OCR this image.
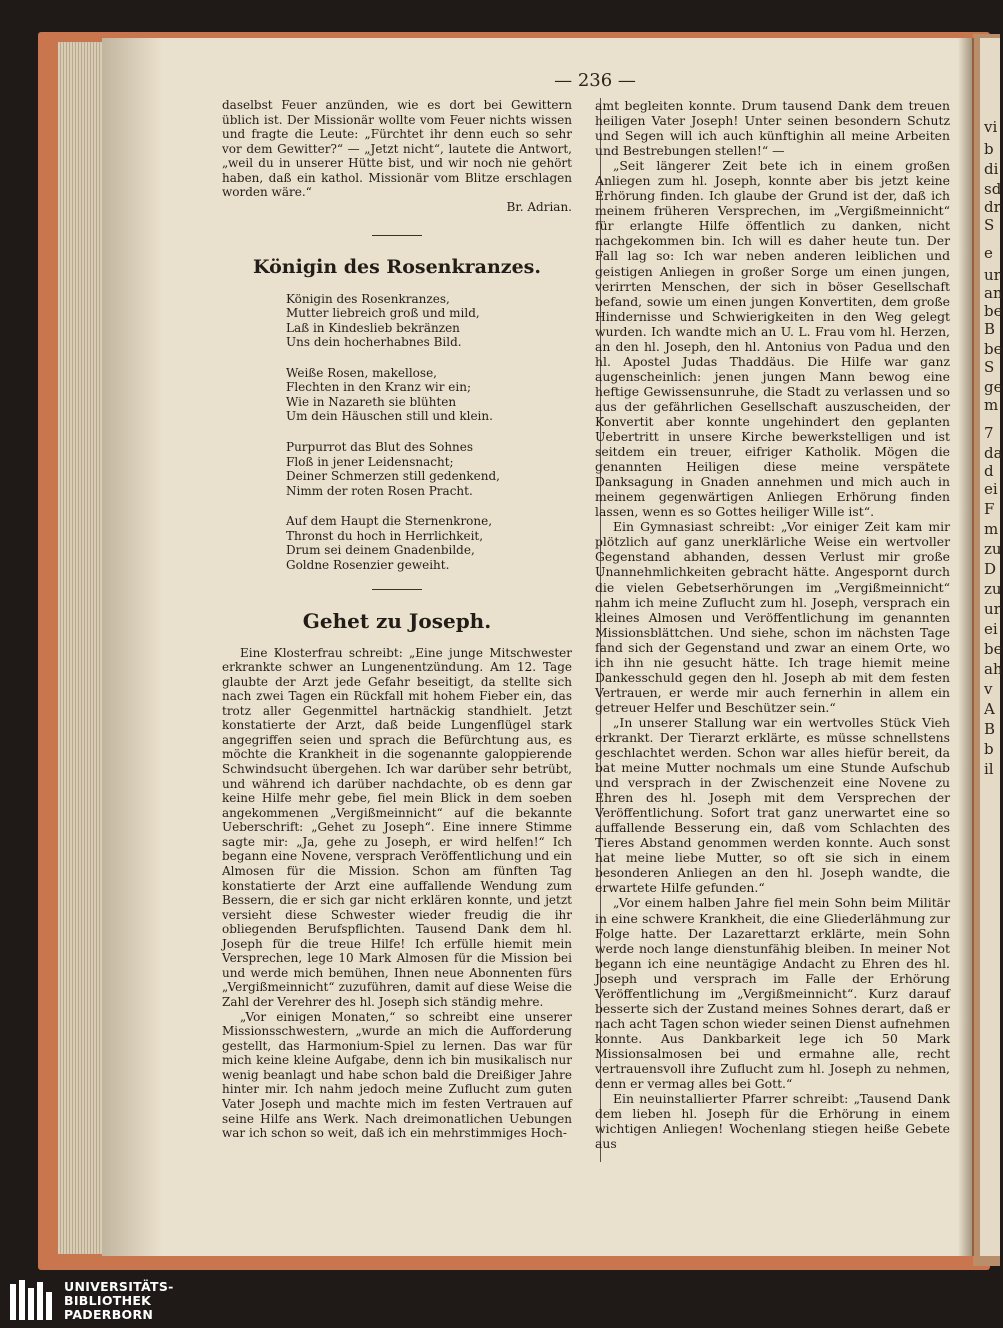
vi
b
di
sd
dr
S
e
ur
an
be
B
be
S
ge
m
7
da
d
ei
F
m
zu
D
zu
ur
ei
be
ah
v
A
B
b
il
— 236 —

daselbst Feuer anzünden, wie es dort bei Gewittern üblich ist. Der Missionär wollte vom Feuer nichts wissen und fragte die Leute: „Fürchtet ihr denn euch so sehr vor dem Gewitter?“ — „Jetzt nicht“, lautete die Antwort, „weil du in unserer Hütte bist, und wir noch nie gehört haben, daß ein kathol. Missionär vom Blitze erschlagen worden wäre.“

Br. Adrian.

Königin des Rosenkranzes.
Königin des Rosenkranzes,
Mutter liebreich groß und mild,
Laß in Kindeslieb bekränzen
Uns dein hocherhabnes Bild.
Weiße Rosen, makellose,
Flechten in den Kranz wir ein;
Wie in Nazareth sie blühten
Um dein Häuschen still und klein.
Purpurrot das Blut des Sohnes
Floß in jener Leidensnacht;
Deiner Schmerzen still gedenkend,
Nimm der roten Rosen Pracht.
Auf dem Haupt die Sternenkrone,
Thronst du hoch in Herrlichkeit,
Drum sei deinem Gnadenbilde,
Goldne Rosenzier geweiht.
Gehet zu Joseph.

Eine Klosterfrau schreibt: „Eine junge Mitschwester erkrankte schwer an Lungenentzündung. Am 12. Tage glaubte der Arzt jede Gefahr beseitigt, da stellte sich nach zwei Tagen ein Rückfall mit hohem Fieber ein, das trotz aller Gegenmittel hartnäckig standhielt. Jetzt konstatierte der Arzt, daß beide Lungenflügel stark angegriffen seien und sprach die Befürchtung aus, es möchte die Krankheit in die sogenannte galoppierende Schwindsucht übergehen. Ich war darüber sehr betrübt, und während ich darüber nachdachte, ob es denn gar keine Hilfe mehr gebe, fiel mein Blick in dem soeben angekommenen „Vergißmeinnicht“ auf die bekannte Ueberschrift: „Gehet zu Joseph“. Eine innere Stimme sagte mir: „Ja, gehe zu Joseph, er wird helfen!“ Ich begann eine Novene, versprach Veröffentlichung und ein Almosen für die Mission. Schon am fünften Tag konstatierte der Arzt eine auffallende Wendung zum Bessern, die er sich gar nicht erklären konnte, und jetzt versieht diese Schwester wieder freudig die ihr obliegenden Berufspflichten. Tausend Dank dem hl. Joseph für die treue Hilfe! Ich erfülle hiemit mein Versprechen, lege 10 Mark Almosen für die Mission bei und werde mich bemühen, Ihnen neue Abonnenten fürs „Vergißmeinnicht“ zuzuführen, damit auf diese Weise die Zahl der Verehrer des hl. Joseph sich ständig mehre.

„Vor einigen Monaten,“ so schreibt eine unserer Missionsschwestern, „wurde an mich die Aufforderung gestellt, das Harmonium-Spiel zu lernen. Das war für mich keine kleine Aufgabe, denn ich bin musikalisch nur wenig beanlagt und habe schon bald die Dreißiger Jahre hinter mir. Ich nahm jedoch meine Zuflucht zum guten Vater Joseph und machte mich im festen Vertrauen auf seine Hilfe ans Werk. Nach dreimonatlichen Uebungen war ich schon so weit, daß ich ein mehrstimmiges Hoch-

amt begleiten konnte. Drum tausend Dank dem treuen heiligen Vater Joseph! Unter seinen besondern Schutz und Segen will ich auch künftighin all meine Arbeiten und Bestrebungen stellen!“ —

„Seit längerer Zeit bete ich in einem großen Anliegen zum hl. Joseph, konnte aber bis jetzt keine Erhörung finden. Ich glaube der Grund ist der, daß ich meinem früheren Versprechen, im „Vergißmeinnicht“ für erlangte Hilfe öffentlich zu danken, nicht nachgekommen bin. Ich will es daher heute tun. Der Fall lag so: Ich war neben anderen leiblichen und geistigen Anliegen in großer Sorge um einen jungen, verirrten Menschen, der sich in böser Gesellschaft befand, sowie um einen jungen Konvertiten, dem große Hindernisse und Schwierigkeiten in den Weg gelegt wurden. Ich wandte mich an U. L. Frau vom hl. Herzen, an den hl. Joseph, den hl. Antonius von Padua und den hl. Apostel Judas Thaddäus. Die Hilfe war ganz augenscheinlich: jenen jungen Mann bewog eine heftige Gewissensunruhe, die Stadt zu verlassen und so aus der gefährlichen Gesellschaft auszuscheiden, der Konvertit aber konnte ungehindert den geplanten Uebertritt in unsere Kirche bewerkstelligen und ist seitdem ein treuer, eifriger Katholik. Mögen die genannten Heiligen diese meine verspätete Danksagung in Gnaden annehmen und mich auch in meinem gegenwärtigen Anliegen Erhörung finden lassen, wenn es so Gottes heiliger Wille ist“.

Ein Gymnasiast schreibt: „Vor einiger Zeit kam mir plötzlich auf ganz unerklärliche Weise ein wertvoller Gegenstand abhanden, dessen Verlust mir große Unannehmlichkeiten gebracht hätte. Angespornt durch die vielen Gebetserhörungen im „Vergißmeinnicht“ nahm ich meine Zuflucht zum hl. Joseph, versprach ein kleines Almosen und Veröffentlichung im genannten Missionsblättchen. Und siehe, schon im nächsten Tage fand sich der Gegenstand und zwar an einem Orte, wo ich ihn nie gesucht hätte. Ich trage hiemit meine Dankesschuld gegen den hl. Joseph ab mit dem festen Vertrauen, er werde mir auch fernerhin in allem ein getreuer Helfer und Beschützer sein.“

„In unserer Stallung war ein wertvolles Stück Vieh erkrankt. Der Tierarzt erklärte, es müsse schnellstens geschlachtet werden. Schon war alles hiefür bereit, da bat meine Mutter nochmals um eine Stunde Aufschub und versprach in der Zwischenzeit eine Novene zu Ehren des hl. Joseph mit dem Versprechen der Veröffentlichung. Sofort trat ganz unerwartet eine so auffallende Besserung ein, daß vom Schlachten des Tieres Abstand genommen werden konnte. Auch sonst hat meine liebe Mutter, so oft sie sich in einem besonderen Anliegen an den hl. Joseph wandte, die erwartete Hilfe gefunden.“

„Vor einem halben Jahre fiel mein Sohn beim Militär in eine schwere Krankheit, die eine Gliederlähmung zur Folge hatte. Der Lazarettarzt erklärte, mein Sohn werde noch lange dienstunfähig bleiben. In meiner Not begann ich eine neuntägige Andacht zu Ehren des hl. Joseph und versprach im Falle der Erhörung Veröffentlichung im „Vergißmeinnicht“. Kurz darauf besserte sich der Zustand meines Sohnes derart, daß er nach acht Tagen schon wieder seinen Dienst aufnehmen konnte. Aus Dankbarkeit lege ich 50 Mark Missionsalmosen bei und ermahne alle, recht vertrauensvoll ihre Zuflucht zum hl. Joseph zu nehmen, denn er vermag alles bei Gott.“

Ein neuinstallierter Pfarrer schreibt: „Tausend Dank dem lieben hl. Joseph für die Erhörung in einem wichtigen Anliegen! Wochenlang stiegen heiße Gebete aus

UNIVERSITÄTS-
BIBLIOTHEK
PADERBORN
